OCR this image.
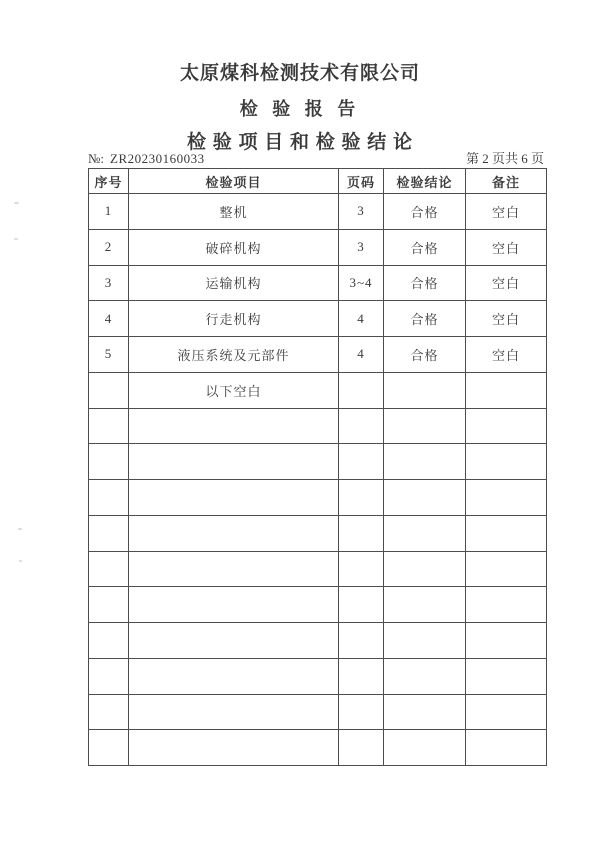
太原煤科检测技术有限公司
检 验 报 告
检 验 项 目 和 检 验 结 论
№: ZR20230160033	第 2 页共 6 页
序号	检验项目	页码	检验结论	备注
1	整机	3	合格	空白
2	破碎机构	3	合格	空白
3	运输机构	3~4	合格	空白
4	行走机构	4	合格	空白
5	液压系统及元部件	4	合格	空白
	以下空白			
